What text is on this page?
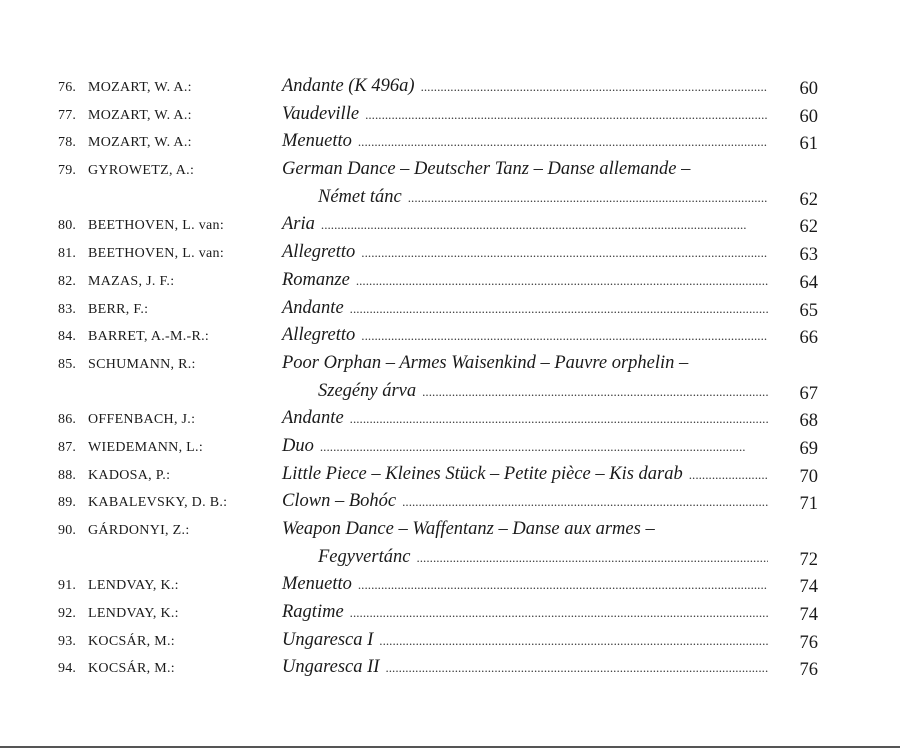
76. MOZART, W. A.:	Andante (K 496a) . . .	60
77. MOZART, W. A.:	Vaudeville . . .	60
78. MOZART, W. A.:	Menuetto . . .	61
79. GYROWETZ, A.:	German Dance – Deutscher Tanz – Danse allemande –
Német tánc . . .	62
80. BEETHOVEN, L. van:	Aria . . .	62
81. BEETHOVEN, L. van:	Allegretto . . .	63
82. MAZAS, J. F.:	Romanze . . .	64
83. BERR, F.:	Andante . . .	65
84. BARRET, A.-M.-R.:	Allegretto . . .	66
85. SCHUMANN, R.:	Poor Orphan – Armes Waisenkind – Pauvre orphelin –
Szegény árva . . .	67
86. OFFENBACH, J.:	Andante . . .	68
87. WIEDEMANN, L.:	Duo . . .	69
88. KADOSA, P.:	Little Piece – Kleines Stück – Petite pièce – Kis darab . . .	70
89. KABALEVSKY, D. B.:	Clown – Bohóc . . .	71
90. GÁRDONYI, Z.:	Weapon Dance – Waffentanz – Danse aux armes –
Fegyvertánc . . .	72
91. LENDVAY, K.:	Menuetto . . .	74
92. LENDVAY, K.:	Ragtime . . .	74
93. KOCSÁR, M.:	Ungaresca I . . .	76
94. KOCSÁR, M.:	Ungaresca II . . .	76
